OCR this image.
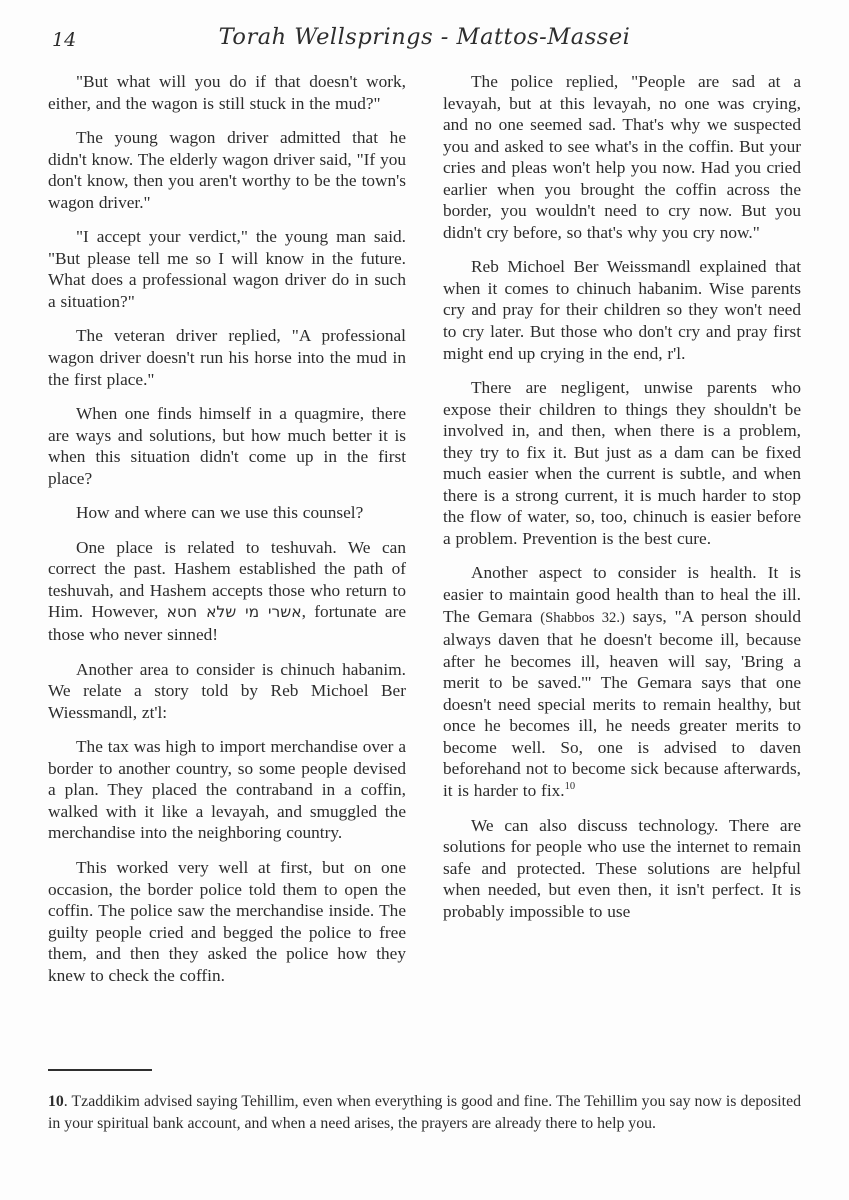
14	Torah Wellsprings - Mattos-Massei

"But what will you do if that doesn't work, either, and the wagon is still stuck in the mud?"

The young wagon driver admitted that he didn't know. The elderly wagon driver said, "If you don't know, then you aren't worthy to be the town's wagon driver."

"I accept your verdict," the young man said. "But please tell me so I will know in the future. What does a professional wagon driver do in such a situation?"

The veteran driver replied, "A professional wagon driver doesn't run his horse into the mud in the first place."

When one finds himself in a quagmire, there are ways and solutions, but how much better it is when this situation didn't come up in the first place?

How and where can we use this counsel?

One place is related to teshuvah. We can correct the past. Hashem established the path of teshuvah, and Hashem accepts those who return to Him. However, אשרי מי שלא חטא, fortunate are those who never sinned!

Another area to consider is chinuch habanim. We relate a story told by Reb Michoel Ber Wiessmandl, zt'l:

The tax was high to import merchandise over a border to another country, so some people devised a plan. They placed the contraband in a coffin, walked with it like a levayah, and smuggled the merchandise into the neighboring country.

This worked very well at first, but on one occasion, the border police told them to open the coffin. The police saw the merchandise inside. The guilty people cried and begged the police to free them, and then they asked the police how they knew to check the coffin.

The police replied, "People are sad at a levayah, but at this levayah, no one was crying, and no one seemed sad. That's why we suspected you and asked to see what's in the coffin. But your cries and pleas won't help you now. Had you cried earlier when you brought the coffin across the border, you wouldn't need to cry now. But you didn't cry before, so that's why you cry now."

Reb Michoel Ber Weissmandl explained that when it comes to chinuch habanim. Wise parents cry and pray for their children so they won't need to cry later. But those who don't cry and pray first might end up crying in the end, r'l.

There are negligent, unwise parents who expose their children to things they shouldn't be involved in, and then, when there is a problem, they try to fix it. But just as a dam can be fixed much easier when the current is subtle, and when there is a strong current, it is much harder to stop the flow of water, so, too, chinuch is easier before a problem. Prevention is the best cure.

Another aspect to consider is health. It is easier to maintain good health than to heal the ill. The Gemara (Shabbos 32.) says, "A person should always daven that he doesn't become ill, because after he becomes ill, heaven will say, 'Bring a merit to be saved.'" The Gemara says that one doesn't need special merits to remain healthy, but once he becomes ill, he needs greater merits to become well. So, one is advised to daven beforehand not to become sick because afterwards, it is harder to fix.$^{10}$

We can also discuss technology. There are solutions for people who use the internet to remain safe and protected. These solutions are helpful when needed, but even then, it isn't perfect. It is probably impossible to use

10. Tzaddikim advised saying Tehillim, even when everything is good and fine. The Tehillim you say now is deposited in your spiritual bank account, and when a need arises, the prayers are already there to help you.
